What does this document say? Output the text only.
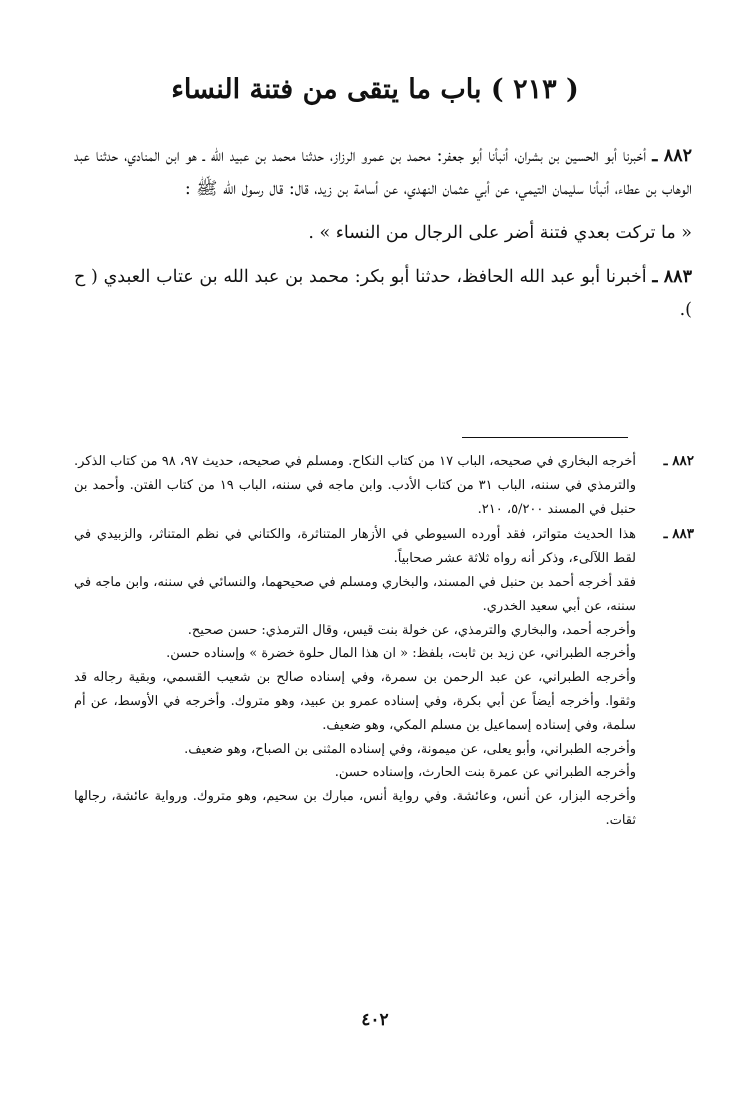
( ٢١٣ ) باب ما يتقى من فتنة النساء

٨٨٢ ـ أخبرنا أبو الحسين بن بشران، أنبأنا أبو جعفر: محمد بن عمرو الرزاز، حدثنا محمد بن عبيد الله ـ هو ابن المنادي، حدثنا عبد الوهاب بن عطاء، أنبأنا سليمان التيمي، عن أبي عثمان النهدي، عن أسامة بن زيد، قال: قال رسول الله ﷺ :

« ما تركت بعدي فتنة أضر على الرجال من النساء » .

٨٨٣ ـ أخبرنا أبو عبد الله الحافظ، حدثنا أبو بكر: محمد بن عبد الله بن عتاب العبدي ( ح ).

٨٨٢ ـ

أخرجه البخاري في صحيحه، الباب ١٧ من كتاب النكاح. ومسلم في صحيحه، حديث ٩٧، ٩٨ من كتاب الذكر. والترمذي في سننه، الباب ٣١ من كتاب الأدب. وابن ماجه في سننه، الباب ١٩ من كتاب الفتن. وأحمد بن حنبل في المسند ٥/٢٠٠، ٢١٠.

٨٨٣ ـ

هذا الحديث متواتر، فقد أورده السيوطي في الأزهار المتناثرة، والكتاني في نظم المتناثر، والزبيدي في لقط اللآلىء، وذكر أنه رواه ثلاثة عشر صحابياً.

فقد أخرجه أحمد بن حنبل في المسند، والبخاري ومسلم في صحيحهما، والنسائي في سننه، وابن ماجه في سننه، عن أبي سعيد الخدري.

وأخرجه أحمد، والبخاري والترمذي، عن خولة بنت قيس، وقال الترمذي: حسن صحيح.

وأخرجه الطبراني، عن زيد بن ثابت، بلفظ: « ان هذا المال حلوة خضرة » وإسناده حسن.

وأخرجه الطبراني، عن عبد الرحمن بن سمرة، وفي إسناده صالح بن شعيب القسمي، وبقية رجاله قد وثقوا. وأخرجه أيضاً عن أبي بكرة، وفي إسناده عمرو بن عبيد، وهو متروك. وأخرجه في الأوسط، عن أم سلمة، وفي إسناده إسماعيل بن مسلم المكي، وهو ضعيف.

وأخرجه الطبراني، وأبو يعلى، عن ميمونة، وفي إسناده المثنى بن الصباح، وهو ضعيف.

وأخرجه الطبراني عن عمرة بنت الحارث، وإسناده حسن.

وأخرجه البزار، عن أنس، وعائشة. وفي رواية أنس، مبارك بن سحيم، وهو متروك. ورواية عائشة، رجالها ثقات.

٤٠٢
